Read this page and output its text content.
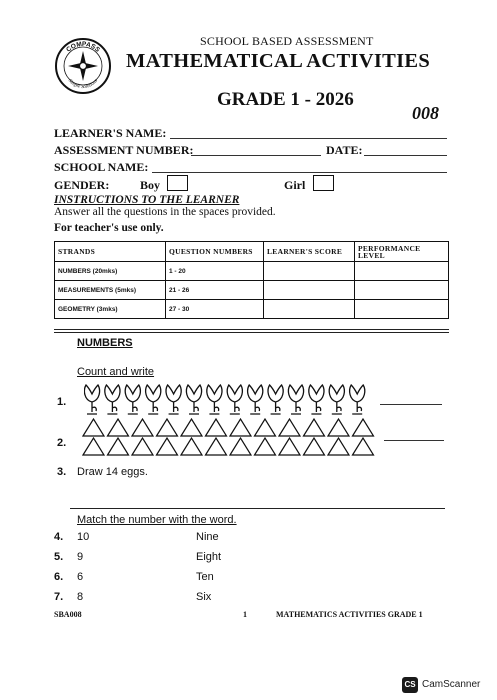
COMPASS
Simple Solutions
SCHOOL BASED ASSESSMENT
MATHEMATICAL ACTIVITIES
GRADE 1 - 2026
008
LEARNER'S NAME:
ASSESSMENT NUMBER:	DATE:
SCHOOL NAME:
GENDER:	Boy	Girl
INSTRUCTIONS TO THE LEARNER
Answer all the questions in the spaces provided.
For teacher's use only.
STRANDS	QUESTION NUMBERS	LEARNER'S SCORE	PERFORMANCE LEVEL
NUMBERS (20mks)	1 - 20		
MEASUREMENTS (5mks)	21 - 26		
GEOMETRY (3mks)	27 - 30		
NUMBERS
Count and write
1.
2.
3. Draw 14 eggs.
Match the number with the word.
4. 10	Nine
5. 9	Eight
6. 6	Ten
7. 8	Six
SBA008	1	MATHEMATICS ACTIVITIES GRADE 1
CS CamScanner
